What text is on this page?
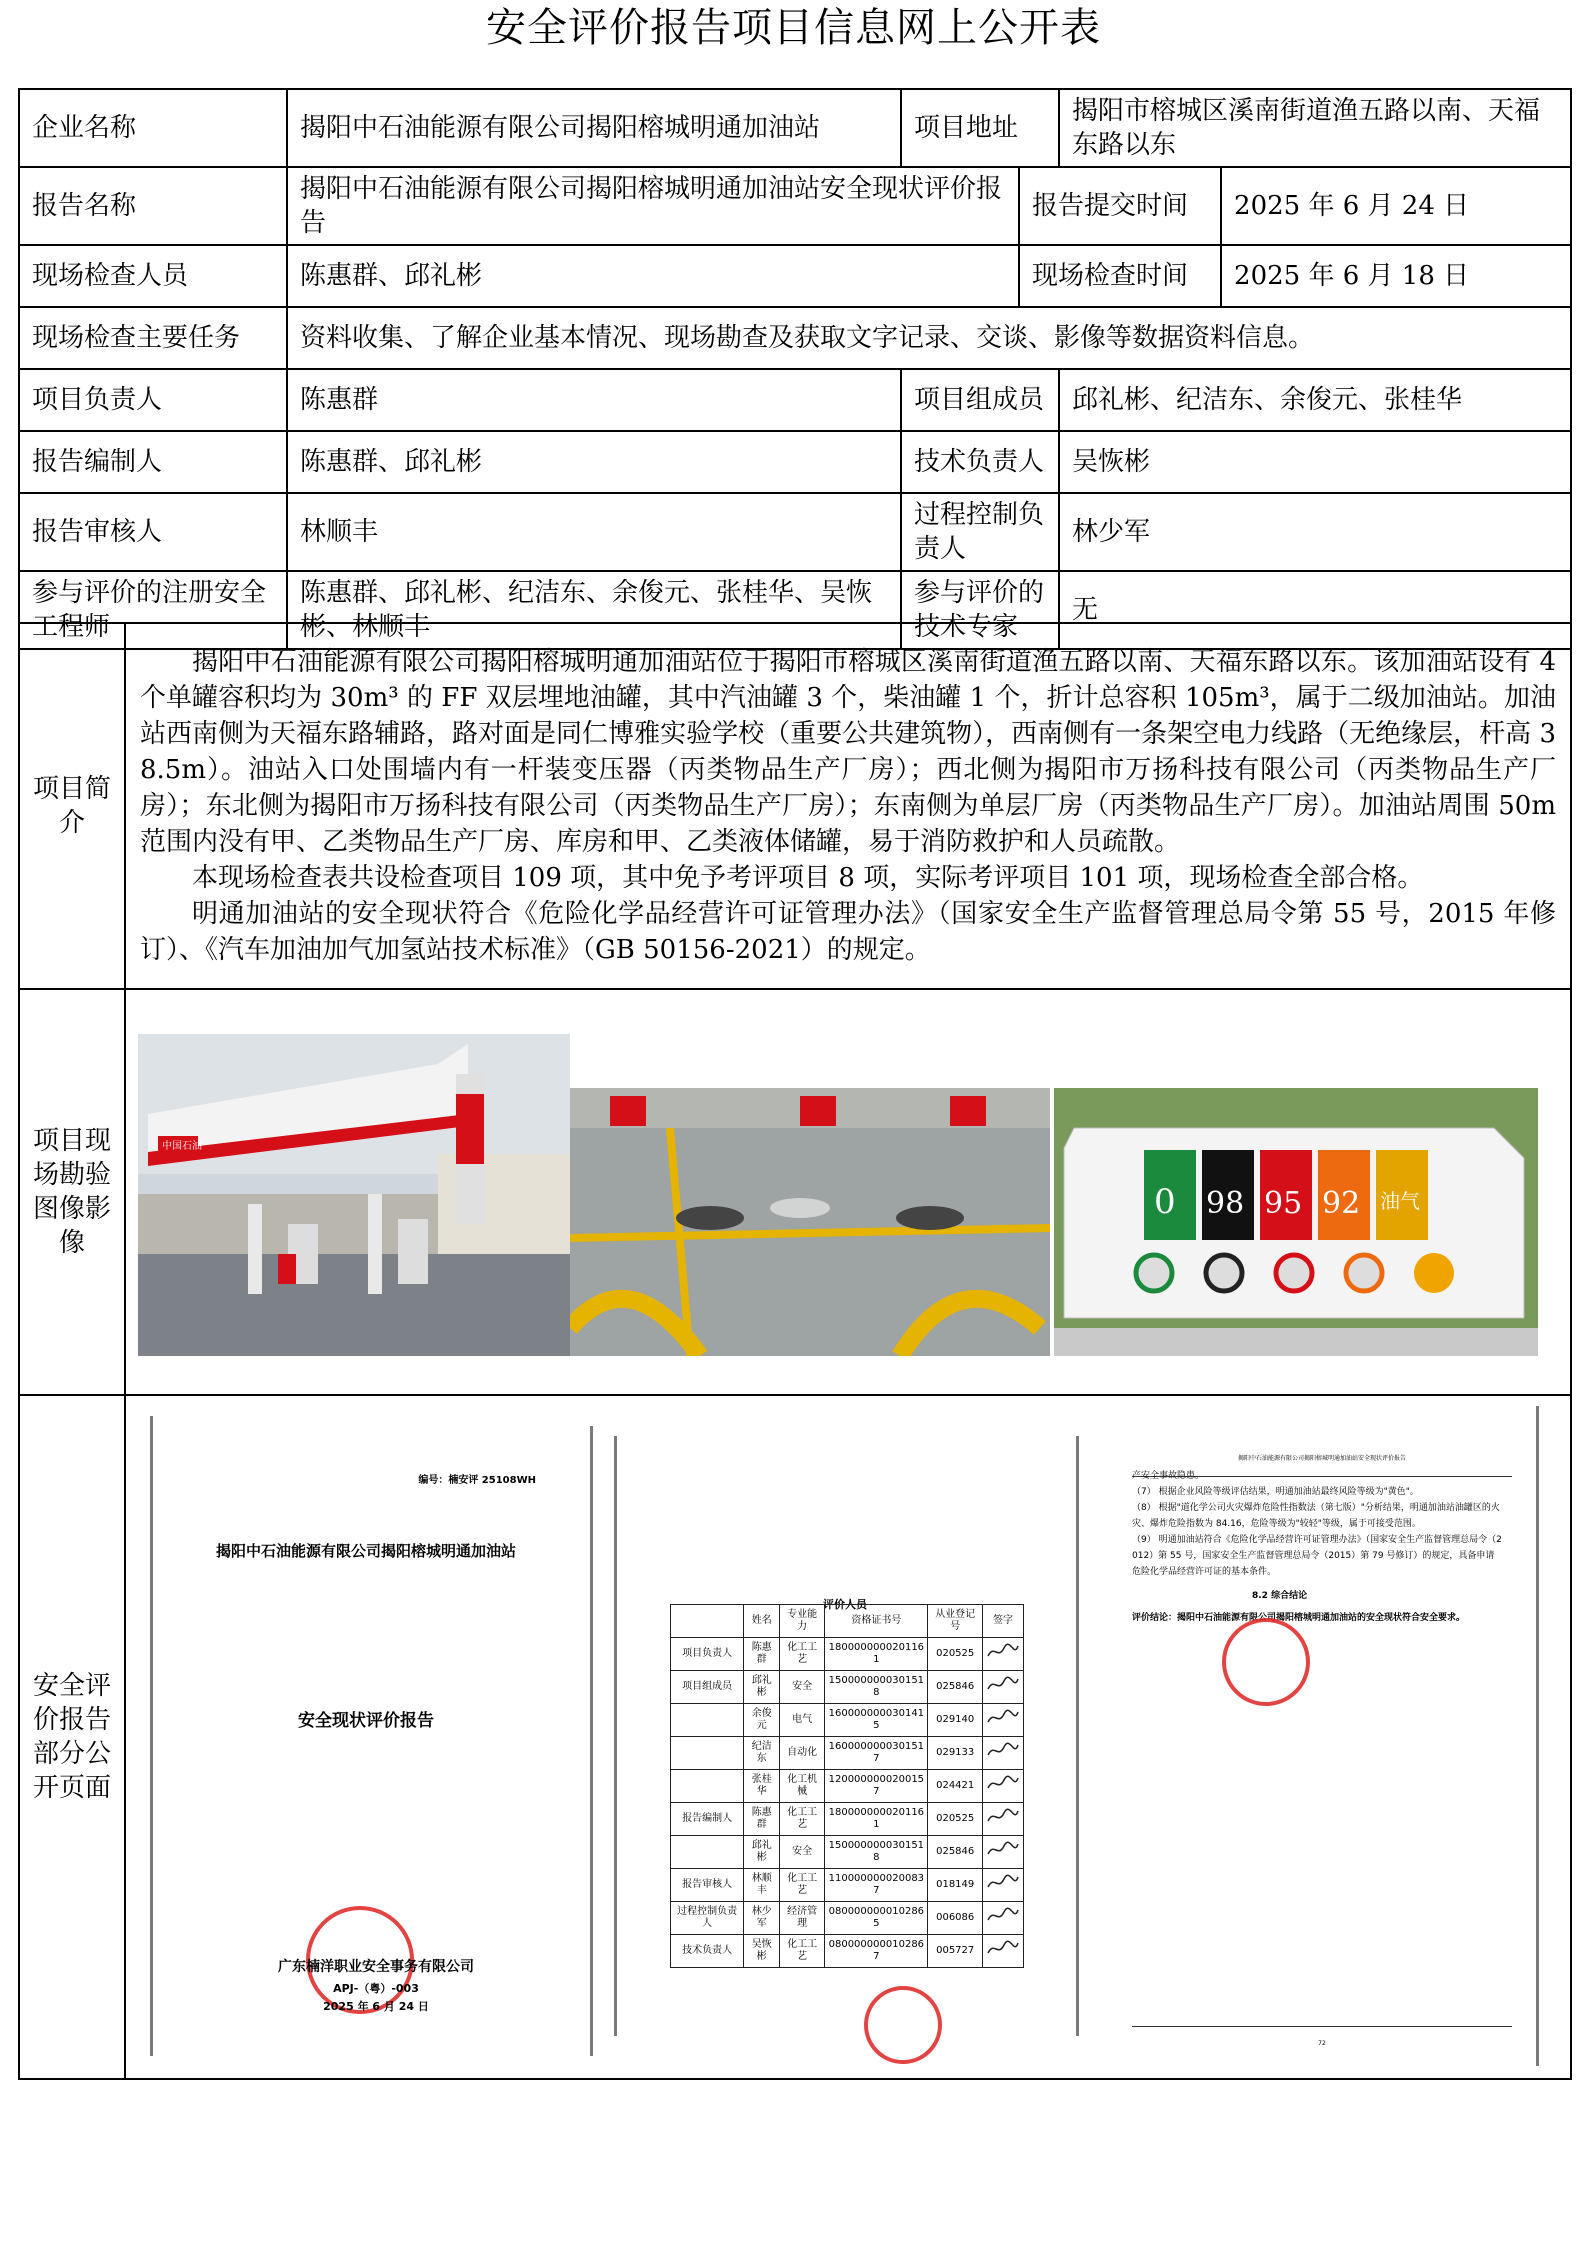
安全评价报告项目信息网上公开表
企业名称	揭阳中石油能源有限公司揭阳榕城明通加油站	项目地址		揭阳市榕城区溪南街道渔五路以南、天福东路以东	
报告名称	揭阳中石油能源有限公司揭阳榕城明通加油站安全现状评价报告		报告提交时间		2025 年 6 月 24 日
现场检查人员	陈惠群、邱礼彬		现场检查时间		2025 年 6 月 18 日
现场检查主要任务	资料收集、了解企业基本情况、现场勘查及获取文字记录、交谈、影像等数据资料信息。				
项目负责人	陈惠群	项目组成员		邱礼彬、纪洁东、余俊元、张桂华	
报告编制人	陈惠群、邱礼彬	技术负责人		吴恢彬	
报告审核人	林顺丰	过程控制负责人		林少军	
参与评价的注册安全工程师	陈惠群、邱礼彬、纪洁东、余俊元、张桂华、吴恢彬、林顺丰	参与评价的技术专家		无	
项目简介	

揭阳中石油能源有限公司揭阳榕城明通加油站位于揭阳市榕城区溪南街道渔五路以南、天福东路以东。该加油站设有 4 个单罐容积均为 30m³ 的 FF 双层埋地油罐，其中汽油罐 3 个，柴油罐 1 个，折计总容积 105m³，属于二级加油站。加油站西南侧为天福东路辅路，路对面是同仁博雅实验学校（重要公共建筑物），西南侧有一条架空电力线路（无绝缘层，杆高 38.5m）。油站入口处围墙内有一杆装变压器（丙类物品生产厂房）；西北侧为揭阳市万扬科技有限公司（丙类物品生产厂房）；东北侧为揭阳市万扬科技有限公司（丙类物品生产厂房）；东南侧为单层厂房（丙类物品生产厂房）。加油站周围 50m 范围内没有甲、乙类物品生产厂房、库房和甲、乙类液体储罐，易于消防救护和人员疏散。

本现场检查表共设检查项目 109 项，其中免予考评项目 8 项，实际考评项目 101 项，现场检查全部合格。

明通加油站的安全现状符合《危险化学品经营许可证管理办法》（国家安全生产监督管理总局令第 55 号，2015 年修订）、《汽车加油加气加氢站技术标准》（GB 50156-2021）的规定。

项目现场勘验图像影像	
中国石油
0 98 95 92 油气

安全评价报告部分公开页面	
编号：楠安评 25108WH
揭阳中石油能源有限公司揭阳榕城明通加油站
安全现状评价报告
广东楠洋职业安全事务有限公司
APJ-（粤）-003
2025 年 6 月 24 日
评价人员
	姓名	专业能力	资格证书号	从业登记号	签字
项目负责人	陈惠群	化工工艺	1800000000201161	020525	
项目组成员	邱礼彬	安全	1500000000301518	025846	
	余俊元	电气	1600000000301415	029140	
	纪洁东	自动化	1600000000301517	029133	
	张桂华	化工机械	1200000000200157	024421	
报告编制人	陈惠群	化工工艺	1800000000201161	020525	
	邱礼彬	安全	1500000000301518	025846	
报告审核人	林顺丰	化工工艺	1100000000200837	018149	
过程控制负责人	林少军	经济管理	0800000000102865	006086	
技术负责人	吴恢彬	化工工艺	0800000000102867	005727	
揭阳中石油能源有限公司揭阳榕城明通加油站安全现状评价报告
产安全事故隐患。
（7） 根据企业风险等级评估结果，明通加油站最终风险等级为"黄色"。
（8） 根据"道化学公司火灾爆炸危险性指数法（第七版）"分析结果，明通加油站油罐区的火灾、爆炸危险指数为 84.16，危险等级为"较轻"等级，属于可接受范围。
（9） 明通加油站符合《危险化学品经营许可证管理办法》（国家安全生产监督管理总局令（2012）第 55 号，国家安全生产监督管理总局令（2015）第 79 号修订）的规定，具备申请危险化学品经营许可证的基本条件。
8.2 综合结论
评价结论：揭阳中石油能源有限公司揭阳榕城明通加油站的安全现状符合安全要求。
72
